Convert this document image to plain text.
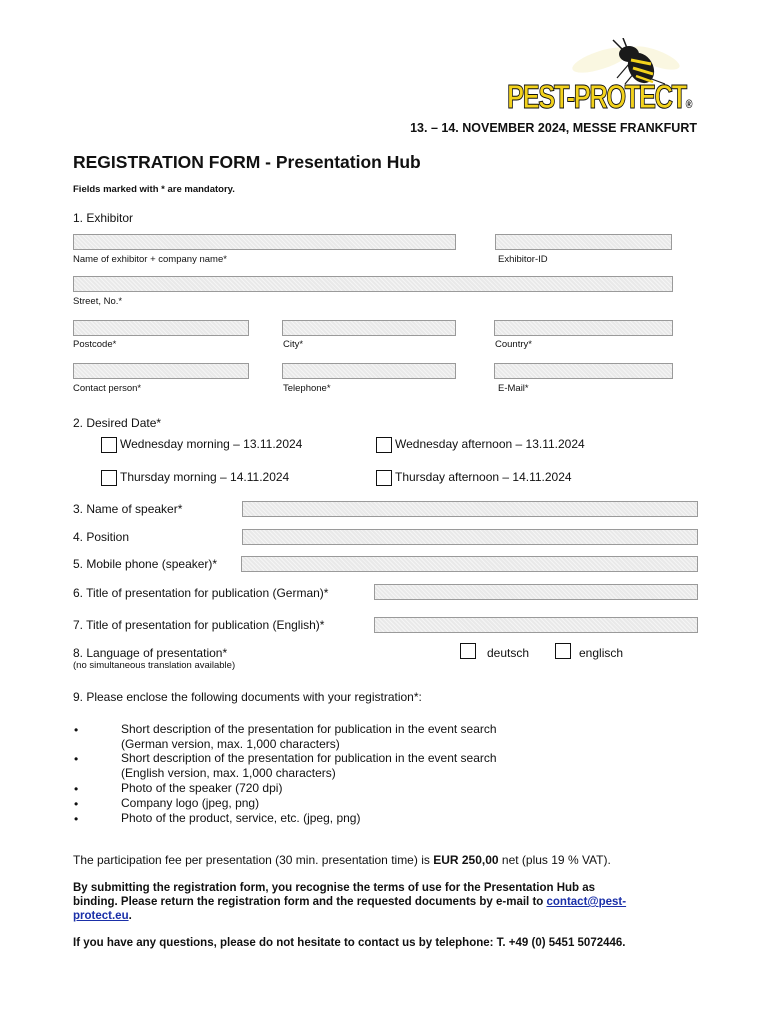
PEST-PROTECT®
13. – 14. NOVEMBER 2024, MESSE FRANKFURT
REGISTRATION FORM - Presentation Hub
Fields marked with * are mandatory.
1. Exhibitor
Name of exhibitor + company name*	Exhibitor-ID
Street, No.*
Postcode*	City*	Country*
Contact person*	Telephone*	E-Mail*
2. Desired Date*
Wednesday morning – 13.11.2024	Wednesday afternoon – 13.11.2024
Thursday morning – 14.11.2024	Thursday afternoon – 14.11.2024
3. Name of speaker*
4. Position
5. Mobile phone (speaker)*
6. Title of presentation for publication (German)*
7. Title of presentation for publication (English)*
8. Language of presentation*
(no simultaneous translation available)
deutsch	englisch
9. Please enclose the following documents with your registration*:
•	Short description of the presentation for publication in the event search
(German version, max. 1,000 characters)
•	Short description of the presentation for publication in the event search
(English version, max. 1,000 characters)
•	Photo of the speaker (720 dpi)
•	Company logo (jpeg, png)
•	Photo of the product, service, etc. (jpeg, png)
The participation fee per presentation (30 min. presentation time) is EUR 250,00 net (plus 19 % VAT).
By submitting the registration form, you recognise the terms of use for the Presentation Hub as
binding. Please return the registration form and the requested documents by e-mail to contact@pest-
protect.eu.
If you have any questions, please do not hesitate to contact us by telephone: T. +49 (0) 5451 5072446.
